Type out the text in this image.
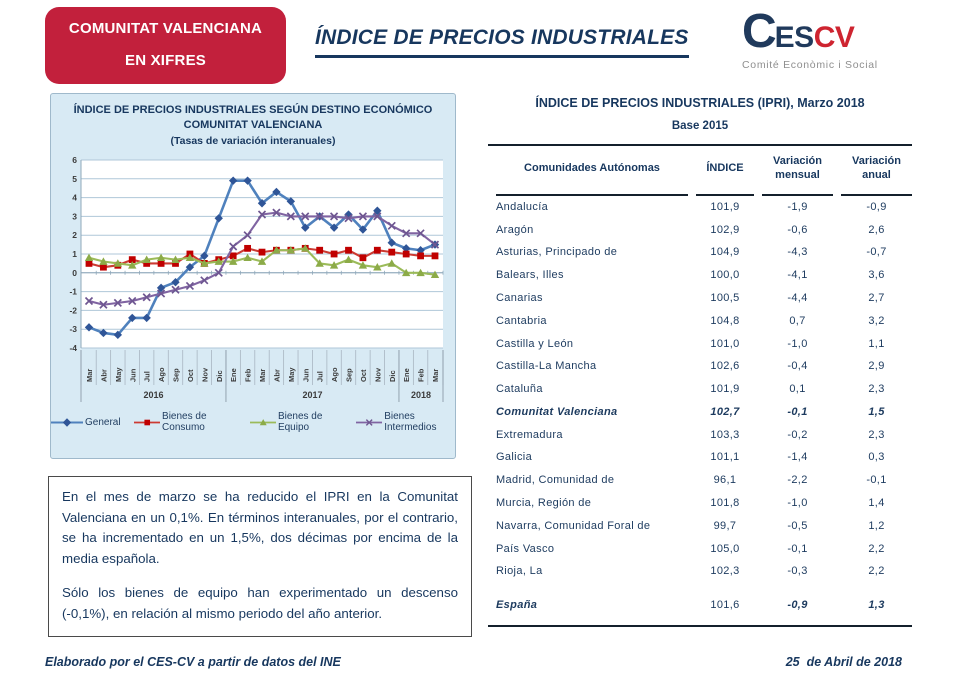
COMUNITAT VALENCIANA
EN XIFRES
ÍNDICE DE PRECIOS INDUSTRIALES C ES CV
Comité Econòmic i Social
ÍNDICE DE PRECIOS INDUSTRIALES SEGÚN DESTINO ECONÓMICO
COMUNITAT VALENCIANA
(Tasas de variación interanuales)
6
5
4
3
2
1
0
-1
-2
-3
-4
Mar Abr May Jun Jul Ago Sep Oct Nov Dic Ene Feb Mar Abr May Jun Jul Ago Sep Oct Nov Dic Ene Feb Mar
2016	2017	2018
General	Bienes de Consumo
Bienes de Equipo
Bienes Intermedios
ÍNDICE DE PRECIOS INDUSTRIALES (IPRI), Marzo 2018
Base 2015
Comunidades Autónomas	ÍNDICE	Variación mensual	Variación anual
Andalucía	101,9	-1,9	-0,9
Aragón	102,9	-0,6	2,6
Asturias, Principado de	104,9	-4,3	-0,7
Balears, Illes	100,0	-4,1	3,6
Canarias	100,5	-4,4	2,7
Cantabria	104,8	0,7	3,2
Castilla y León	101,0	-1,0	1,1
Castilla-La Mancha	102,6	-0,4	2,9
Cataluña	101,9	0,1	2,3
Comunitat Valenciana	102,7	-0,1	1,5
Extremadura	103,3	-0,2	2,3
Galicia	101,1	-1,4	0,3
Madrid, Comunidad de	96,1	-2,2	-0,1
Murcia, Región de	101,8	-1,0	1,4
Navarra, Comunidad Foral de	99,7	-0,5	1,2
País Vasco	105,0	-0,1	2,2
Rioja, La	102,3	-0,3	2,2
España	101,6	-0,9	1,3

En el mes de marzo se ha reducido el IPRI en la Comunitat Valenciana en un 0,1%. En términos interanuales, por el contrario, se ha incrementado en un 1,5%, dos décimas por encima de la media española.

Sólo los bienes de equipo han experimentado un descenso (-0,1%), en relación al mismo periodo del año anterior.

Elaborado por el CES-CV a partir de datos del INE	25  de Abril de 2018
